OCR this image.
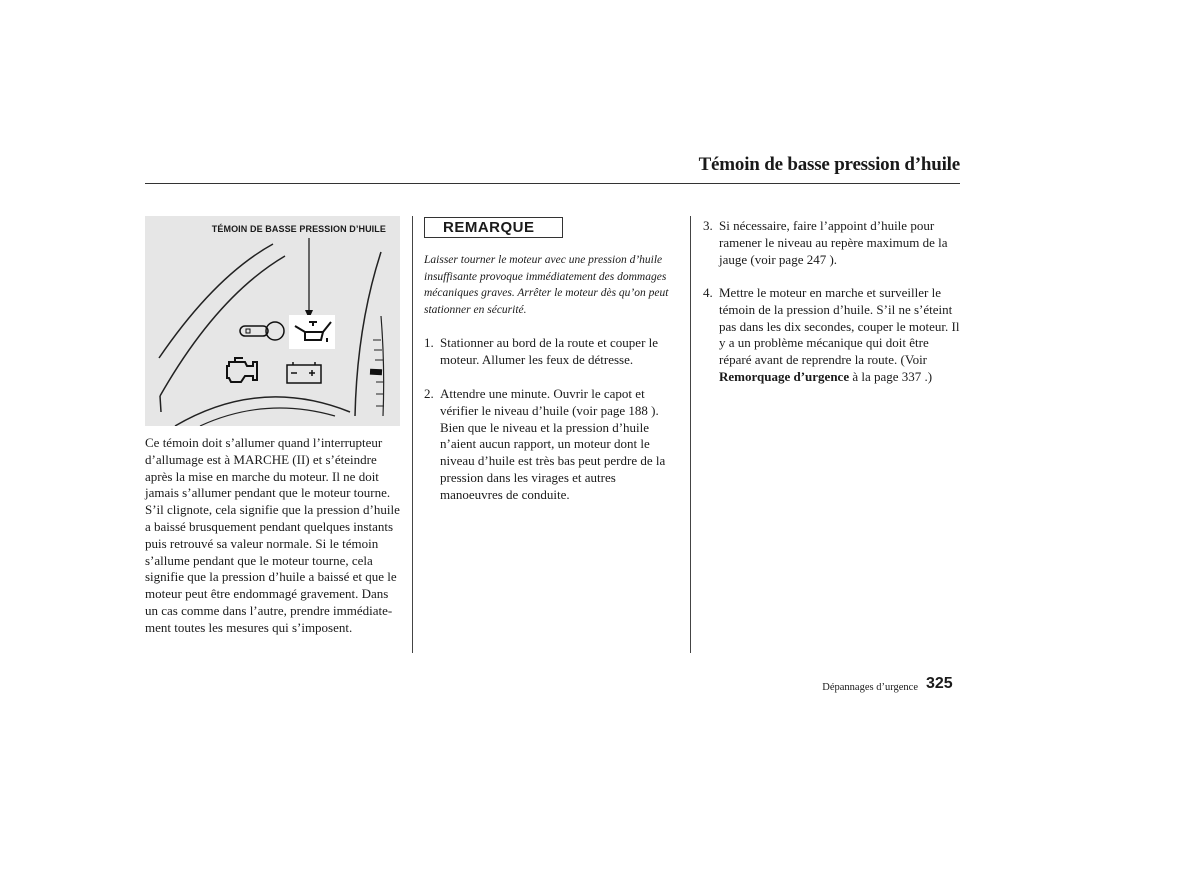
Témoin de basse pression d’huile
TÉMOIN DE BASSE PRESSION D’HUILE
Ce témoin doit s’allumer quand l’interrupteur d’allumage est à MARCHE (II) et s’éteindre après la mise en marche du moteur. Il ne doit jamais s’allumer pendant que le moteur tourne. S’il clignote, cela signifie que la pression d’huile a baissé brusquement pendant quelques instants puis retrouvé sa valeur normale. Si le témoin s’allume pendant que le moteur tourne, cela signifie que la pression d’huile a baissé et que le moteur peut être endommagé gravement. Dans un cas comme dans l’autre, prendre immédiate- ment toutes les mesures qui s’imposent.
REMARQUE
Laisser tourner le moteur avec une pression d’huile insuffisante provoque immédiatement des dommages mécaniques graves. Arrêter le moteur dès qu’on peut stationner en sécurité.
1. Stationner au bord de la route et couper le moteur. Allumer les feux de détresse.
2. Attendre une minute. Ouvrir le capot et vérifier le niveau d’huile (voir page 188 ). Bien que le niveau et la pression d’huile n’aient aucun rapport, un moteur dont le niveau d’huile est très bas peut perdre de la pression dans les virages et autres manoeuvres de conduite.
3. Si nécessaire, faire l’appoint d’huile pour ramener le niveau au repère maximum de la jauge (voir page 247 ).
4. Mettre le moteur en marche et surveiller le témoin de la pression d’huile. S’il ne s’éteint pas dans les dix secondes, couper le moteur. Il y a un problème mécanique qui doit être réparé avant de reprendre la route. (Voir Remorquage d’urgence à la page 337 .)
Dépannages d’urgence 325
